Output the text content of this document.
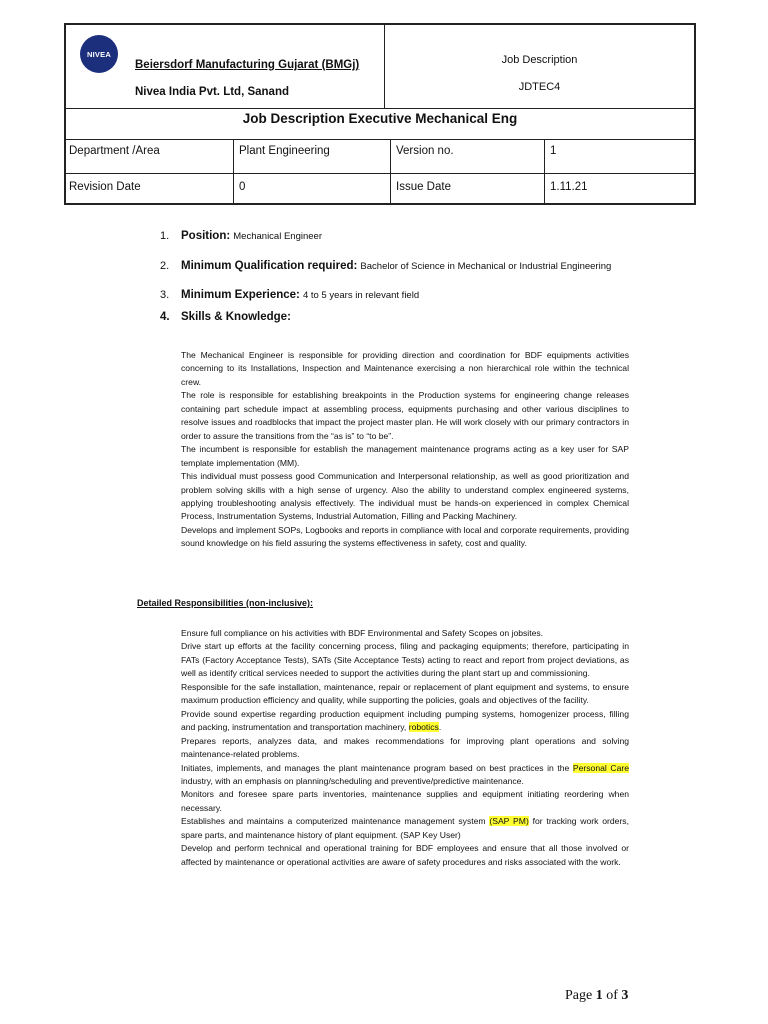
NIVEA
Beiersdorf Manufacturing Gujarat (BMGj)
Nivea India Pvt. Ltd, Sanand
Job Description
JDTEC4
Job Description Executive Mechanical Eng
Department /Area	Plant Engineering	Version no.	1
Revision Date	0	Issue Date	1.11.21
1. Position: Mechanical Engineer
2. Minimum Qualification required: Bachelor of Science in Mechanical or Industrial Engineering
3. Minimum Experience: 4 to 5 years in relevant field
4. Skills & Knowledge:

The Mechanical Engineer is responsible for providing direction and coordination for BDF equipments activities concerning to its Installations, Inspection and Maintenance exercising a non hierarchical role within the technical crew.

The role is responsible for establishing breakpoints in the Production systems for engineering change releases containing part schedule impact at assembling process, equipments purchasing and other various disciplines to resolve issues and roadblocks that impact the project master plan. He will work closely with our primary contractors in order to assure the transitions from the “as is” to “to be”.

The incumbent is responsible for establish the management maintenance programs acting as a key user for SAP template implementation (MM).

This individual must possess good Communication and Interpersonal relationship, as well as good prioritization and problem solving skills with a high sense of urgency. Also the ability to understand complex engineered systems, applying troubleshooting analysis effectively. The individual must be hands-on experienced in complex Chemical Process, Instrumentation Systems, Industrial Automation, Filling and Packing Machinery.

Develops and implement SOPs, Logbooks and reports in compliance with local and corporate requirements, providing sound knowledge on his field assuring the systems effectiveness in safety, cost and quality.

Detailed Responsibilities (non-inclusive):

Ensure full compliance on his activities with BDF Environmental and Safety Scopes on jobsites.

Drive start up efforts at the facility concerning process, filing and packaging equipments; therefore, participating in FATs (Factory Acceptance Tests), SATs (Site Acceptance Tests) acting to react and report from project deviations, as well as identify critical services needed to support the activities during the plant start up and commissioning.

Responsible for the safe installation, maintenance, repair or replacement of plant equipment and systems, to ensure maximum production efficiency and quality, while supporting the policies, goals and objectives of the facility.

Provide sound expertise regarding production equipment including pumping systems, homogenizer process, filling and packing, instrumentation and transportation machinery, robotics.

Prepares reports, analyzes data, and makes recommendations for improving plant operations and solving maintenance-related problems.

Initiates, implements, and manages the plant maintenance program based on best practices in the Personal Care industry, with an emphasis on planning/scheduling and preventive/predictive maintenance.

Monitors and foresee spare parts inventories, maintenance supplies and equipment initiating reordering when necessary.

Establishes and maintains a computerized maintenance management system (SAP PM) for tracking work orders, spare parts, and maintenance history of plant equipment. (SAP Key User)

Develop and perform technical and operational training for BDF employees and ensure that all those involved or affected by maintenance or operational activities are aware of safety procedures and risks associated with the work.

Page 1 of 3
